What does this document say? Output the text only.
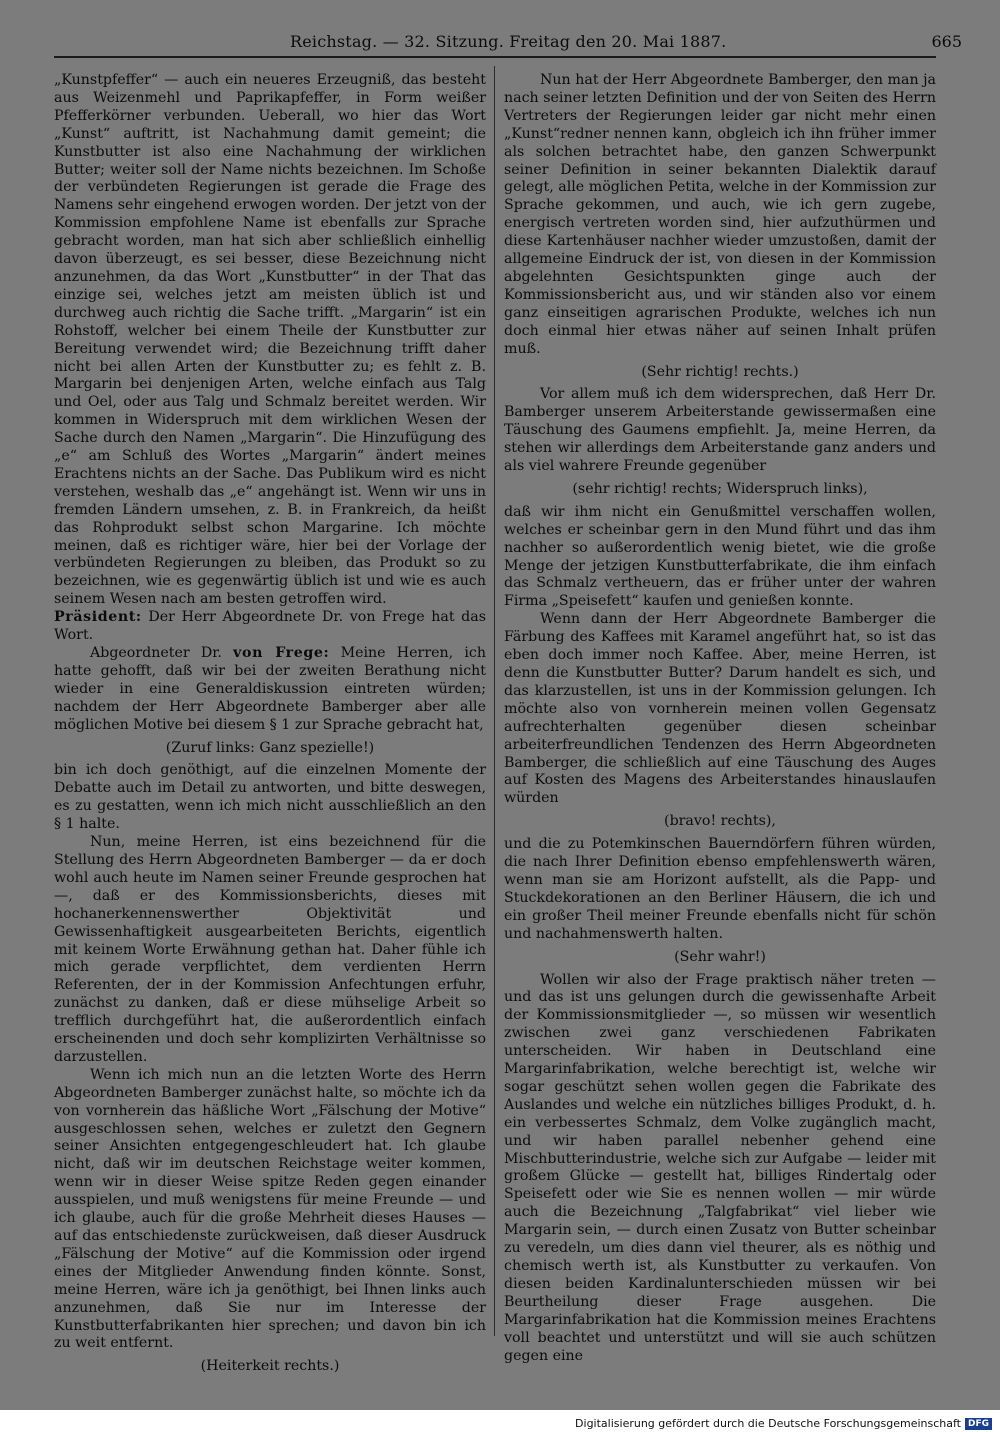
Reichstag. — 32. Sitzung. Freitag den 20. Mai 1887.	665

„Kunstpfeffer“ — auch ein neueres Erzeugniß, das besteht aus Weizenmehl und Paprikapfeffer, in Form weißer Pfefferkörner verbunden. Ueberall, wo hier das Wort „Kunst“ auftritt, ist Nachahmung damit gemeint; die Kunstbutter ist also eine Nachahmung der wirklichen Butter; weiter soll der Name nichts bezeichnen. Im Schoße der verbündeten Regierungen ist gerade die Frage des Namens sehr eingehend erwogen worden. Der jetzt von der Kommission empfohlene Name ist ebenfalls zur Sprache gebracht worden, man hat sich aber schließlich einhellig davon überzeugt, es sei besser, diese Bezeichnung nicht anzunehmen, da das Wort „Kunstbutter“ in der That das einzige sei, welches jetzt am meisten üblich ist und durchweg auch richtig die Sache trifft. „Margarin“ ist ein Rohstoff, welcher bei einem Theile der Kunstbutter zur Bereitung verwendet wird; die Bezeichnung trifft daher nicht bei allen Arten der Kunstbutter zu; es fehlt z. B. Margarin bei denjenigen Arten, welche einfach aus Talg und Oel, oder aus Talg und Schmalz bereitet werden. Wir kommen in Widerspruch mit dem wirklichen Wesen der Sache durch den Namen „Margarin“. Die Hinzufügung des „e“ am Schluß des Wortes „Margarin“ ändert meines Erachtens nichts an der Sache. Das Publikum wird es nicht verstehen, weshalb das „e“ angehängt ist. Wenn wir uns in fremden Ländern umsehen, z. B. in Frankreich, da heißt das Rohprodukt selbst schon Margarine. Ich möchte meinen, daß es richtiger wäre, hier bei der Vorlage der verbündeten Regierungen zu bleiben, das Produkt so zu bezeichnen, wie es gegenwärtig üblich ist und wie es auch seinem Wesen nach am besten getroffen wird.

Präsident: Der Herr Abgeordnete Dr. von Frege hat das Wort.

Abgeordneter Dr. von Frege: Meine Herren, ich hatte gehofft, daß wir bei der zweiten Berathung nicht wieder in eine Generaldiskussion eintreten würden; nachdem der Herr Abgeordnete Bamberger aber alle möglichen Motive bei diesem § 1 zur Sprache gebracht hat,

(Zuruf links: Ganz spezielle!)

bin ich doch genöthigt, auf die einzelnen Momente der Debatte auch im Detail zu antworten, und bitte deswegen, es zu gestatten, wenn ich mich nicht ausschließlich an den § 1 halte.

Nun, meine Herren, ist eins bezeichnend für die Stellung des Herrn Abgeordneten Bamberger — da er doch wohl auch heute im Namen seiner Freunde gesprochen hat —, daß er des Kommissionsberichts, dieses mit hochanerkennenswerther Objektivität und Gewissenhaftigkeit ausgearbeiteten Berichts, eigentlich mit keinem Worte Erwähnung gethan hat. Daher fühle ich mich gerade verpflichtet, dem verdienten Herrn Referenten, der in der Kommission Anfechtungen erfuhr, zunächst zu danken, daß er diese mühselige Arbeit so trefflich durchgeführt hat, die außerordentlich einfach erscheinenden und doch sehr komplizirten Verhältnisse so darzustellen.

Wenn ich mich nun an die letzten Worte des Herrn Abgeordneten Bamberger zunächst halte, so möchte ich da von vornherein das häßliche Wort „Fälschung der Motive“ ausgeschlossen sehen, welches er zuletzt den Gegnern seiner Ansichten entgegengeschleudert hat. Ich glaube nicht, daß wir im deutschen Reichstage weiter kommen, wenn wir in dieser Weise spitze Reden gegen einander ausspielen, und muß wenigstens für meine Freunde — und ich glaube, auch für die große Mehrheit dieses Hauses — auf das entschiedenste zurückweisen, daß dieser Ausdruck „Fälschung der Motive“ auf die Kommission oder irgend eines der Mitglieder Anwendung finden könnte. Sonst, meine Herren, wäre ich ja genöthigt, bei Ihnen links auch anzunehmen, daß Sie nur im Interesse der Kunstbutterfabrikanten hier sprechen; und davon bin ich zu weit entfernt.

(Heiterkeit rechts.)

Nun hat der Herr Abgeordnete Bamberger, den man ja nach seiner letzten Definition und der von Seiten des Herrn Vertreters der Regierungen leider gar nicht mehr einen „Kunst“redner nennen kann, obgleich ich ihn früher immer als solchen betrachtet habe, den ganzen Schwerpunkt seiner Definition in seiner bekannten Dialektik darauf gelegt, alle möglichen Petita, welche in der Kommission zur Sprache gekommen, und auch, wie ich gern zugebe, energisch vertreten worden sind, hier aufzuthürmen und diese Kartenhäuser nachher wieder umzustoßen, damit der allgemeine Eindruck der ist, von diesen in der Kommission abgelehnten Gesichtspunkten ginge auch der Kommissionsbericht aus, und wir ständen also vor einem ganz einseitigen agrarischen Produkte, welches ich nun doch einmal hier etwas näher auf seinen Inhalt prüfen muß.

(Sehr richtig! rechts.)

Vor allem muß ich dem widersprechen, daß Herr Dr. Bamberger unserem Arbeiterstande gewissermaßen eine Täuschung des Gaumens empfiehlt. Ja, meine Herren, da stehen wir allerdings dem Arbeiterstande ganz anders und als viel wahrere Freunde gegenüber

(sehr richtig! rechts; Widerspruch links),

daß wir ihm nicht ein Genußmittel verschaffen wollen, welches er scheinbar gern in den Mund führt und das ihm nachher so außerordentlich wenig bietet, wie die große Menge der jetzigen Kunstbutterfabrikate, die ihm einfach das Schmalz vertheuern, das er früher unter der wahren Firma „Speisefett“ kaufen und genießen konnte.

Wenn dann der Herr Abgeordnete Bamberger die Färbung des Kaffees mit Karamel angeführt hat, so ist das eben doch immer noch Kaffee. Aber, meine Herren, ist denn die Kunstbutter Butter? Darum handelt es sich, und das klarzustellen, ist uns in der Kommission gelungen. Ich möchte also von vornherein meinen vollen Gegensatz aufrechterhalten gegenüber diesen scheinbar arbeiterfreundlichen Tendenzen des Herrn Abgeordneten Bamberger, die schließlich auf eine Täuschung des Auges auf Kosten des Magens des Arbeiterstandes hinauslaufen würden

(bravo! rechts),

und die zu Potemkinschen Bauerndörfern führen würden, die nach Ihrer Definition ebenso empfehlenswerth wären, wenn man sie am Horizont aufstellt, als die Papp- und Stuckdekorationen an den Berliner Häusern, die ich und ein großer Theil meiner Freunde ebenfalls nicht für schön und nachahmenswerth halten.

(Sehr wahr!)

Wollen wir also der Frage praktisch näher treten — und das ist uns gelungen durch die gewissenhafte Arbeit der Kommissionsmitglieder —, so müssen wir wesentlich zwischen zwei ganz verschiedenen Fabrikaten unterscheiden. Wir haben in Deutschland eine Margarinfabrikation, welche berechtigt ist, welche wir sogar geschützt sehen wollen gegen die Fabrikate des Auslandes und welche ein nützliches billiges Produkt, d. h. ein verbessertes Schmalz, dem Volke zugänglich macht, und wir haben parallel nebenher gehend eine Mischbutterindustrie, welche sich zur Aufgabe — leider mit großem Glücke — gestellt hat, billiges Rindertalg oder Speisefett oder wie Sie es nennen wollen — mir würde auch die Bezeichnung „Talgfabrikat“ viel lieber wie Margarin sein, — durch einen Zusatz von Butter scheinbar zu veredeln, um dies dann viel theurer, als es nöthig und chemisch werth ist, als Kunstbutter zu verkaufen. Von diesen beiden Kardinalunterschieden müssen wir bei Beurtheilung dieser Frage ausgehen. Die Margarinfabrikation hat die Kommission meines Erachtens voll beachtet und unterstützt und will sie auch schützen gegen eine

Digitalisierung gefördert durch die Deutsche Forschungsgemeinschaft DFG
